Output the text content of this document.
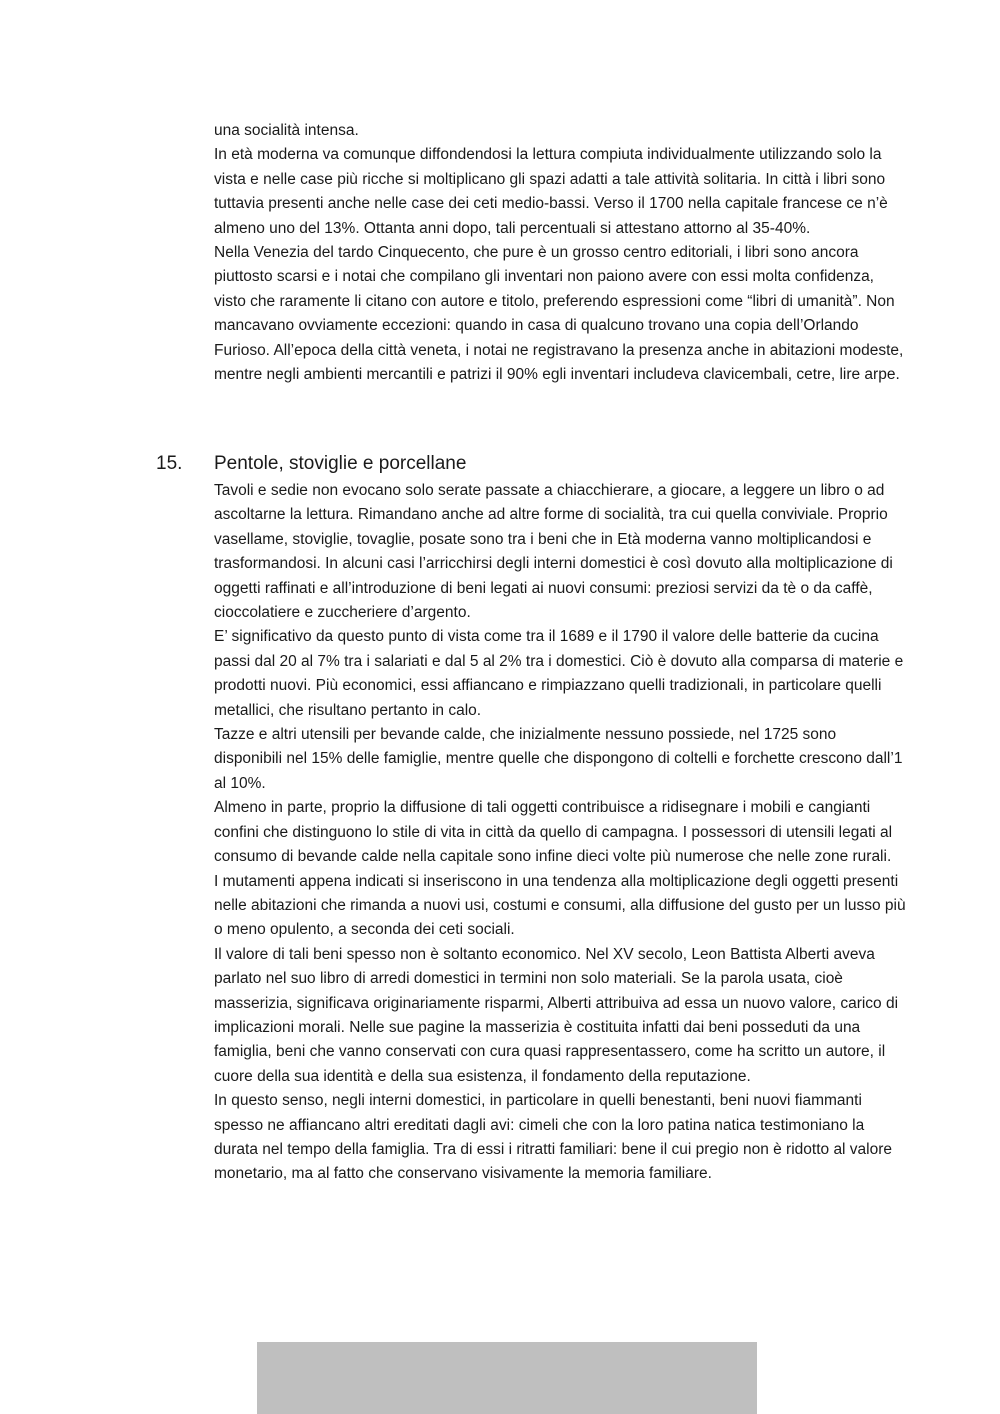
una socialità intensa.

In età moderna va comunque diffondendosi la lettura compiuta individualmente utilizzando solo la vista e nelle case più ricche si moltiplicano gli spazi adatti a tale attività solitaria. In città i libri sono tuttavia presenti anche nelle case dei ceti medio-bassi. Verso il 1700 nella capitale francese ce n’è almeno uno del 13%. Ottanta anni dopo, tali percentuali si attestano attorno al 35-40%.

Nella Venezia del tardo Cinquecento, che pure è un grosso centro editoriali, i libri sono ancora piuttosto scarsi e i notai che compilano gli inventari non paiono avere con essi molta confidenza, visto che raramente li citano con autore e titolo, preferendo espressioni come “libri di umanità”. Non mancavano ovviamente eccezioni: quando in casa di qualcuno trovano una copia dell’Orlando Furioso. All’epoca della città veneta, i notai ne registravano la presenza anche in abitazioni modeste, mentre negli ambienti mercantili e patrizi il 90% egli inventari includeva clavicembali, cetre, lire arpe.

15. Pentole, stoviglie e porcellane

Tavoli e sedie non evocano solo serate passate a chiacchierare, a giocare, a leggere un libro o ad ascoltarne la lettura. Rimandano anche ad altre forme di socialità, tra cui quella conviviale. Proprio vasellame, stoviglie, tovaglie, posate sono tra i beni che in Età moderna vanno moltiplicandosi e trasformandosi. In alcuni casi l’arricchirsi degli interni domestici è così dovuto alla moltiplicazione di oggetti raffinati e all’introduzione di beni legati ai nuovi consumi: preziosi servizi da tè o da caffè, cioccolatiere e zuccheriere d’argento.

E’ significativo da questo punto di vista come tra il 1689 e il 1790 il valore delle batterie da cucina passi dal 20 al 7% tra i salariati e dal 5 al 2% tra i domestici. Ciò è dovuto alla comparsa di materie e prodotti nuovi. Più economici, essi affiancano e rimpiazzano quelli tradizionali, in particolare quelli metallici, che risultano pertanto in calo.

Tazze e altri utensili per bevande calde, che inizialmente nessuno possiede, nel 1725 sono disponibili nel 15% delle famiglie, mentre quelle che dispongono di coltelli e forchette crescono dall’1 al 10%.

Almeno in parte, proprio la diffusione di tali oggetti contribuisce a ridisegnare i mobili e cangianti confini che distinguono lo stile di vita in città da quello di campagna. I possessori di utensili legati al consumo di bevande calde nella capitale sono infine dieci volte più numerose che nelle zone rurali.

I mutamenti appena indicati si inseriscono in una tendenza alla moltiplicazione degli oggetti presenti nelle abitazioni che rimanda a nuovi usi, costumi e consumi, alla diffusione del gusto per un lusso più o meno opulento, a seconda dei ceti sociali.

Il valore di tali beni spesso non è soltanto economico. Nel XV secolo, Leon Battista Alberti aveva parlato nel suo libro di arredi domestici in termini non solo materiali. Se la parola usata, cioè masserizia, significava originariamente risparmi, Alberti attribuiva ad essa un nuovo valore, carico di implicazioni morali. Nelle sue pagine la masserizia è costituita infatti dai beni posseduti da una famiglia, beni che vanno conservati con cura quasi rappresentassero, come ha scritto un autore, il cuore della sua identità e della sua esistenza, il fondamento della reputazione.

In questo senso, negli interni domestici, in particolare in quelli benestanti, beni nuovi fiammanti spesso ne affiancano altri ereditati dagli avi: cimeli che con la loro patina natica testimoniano la durata nel tempo della famiglia. Tra di essi i ritratti familiari: bene il cui pregio non è ridotto al valore monetario, ma al fatto che conservano visivamente la memoria familiare.
